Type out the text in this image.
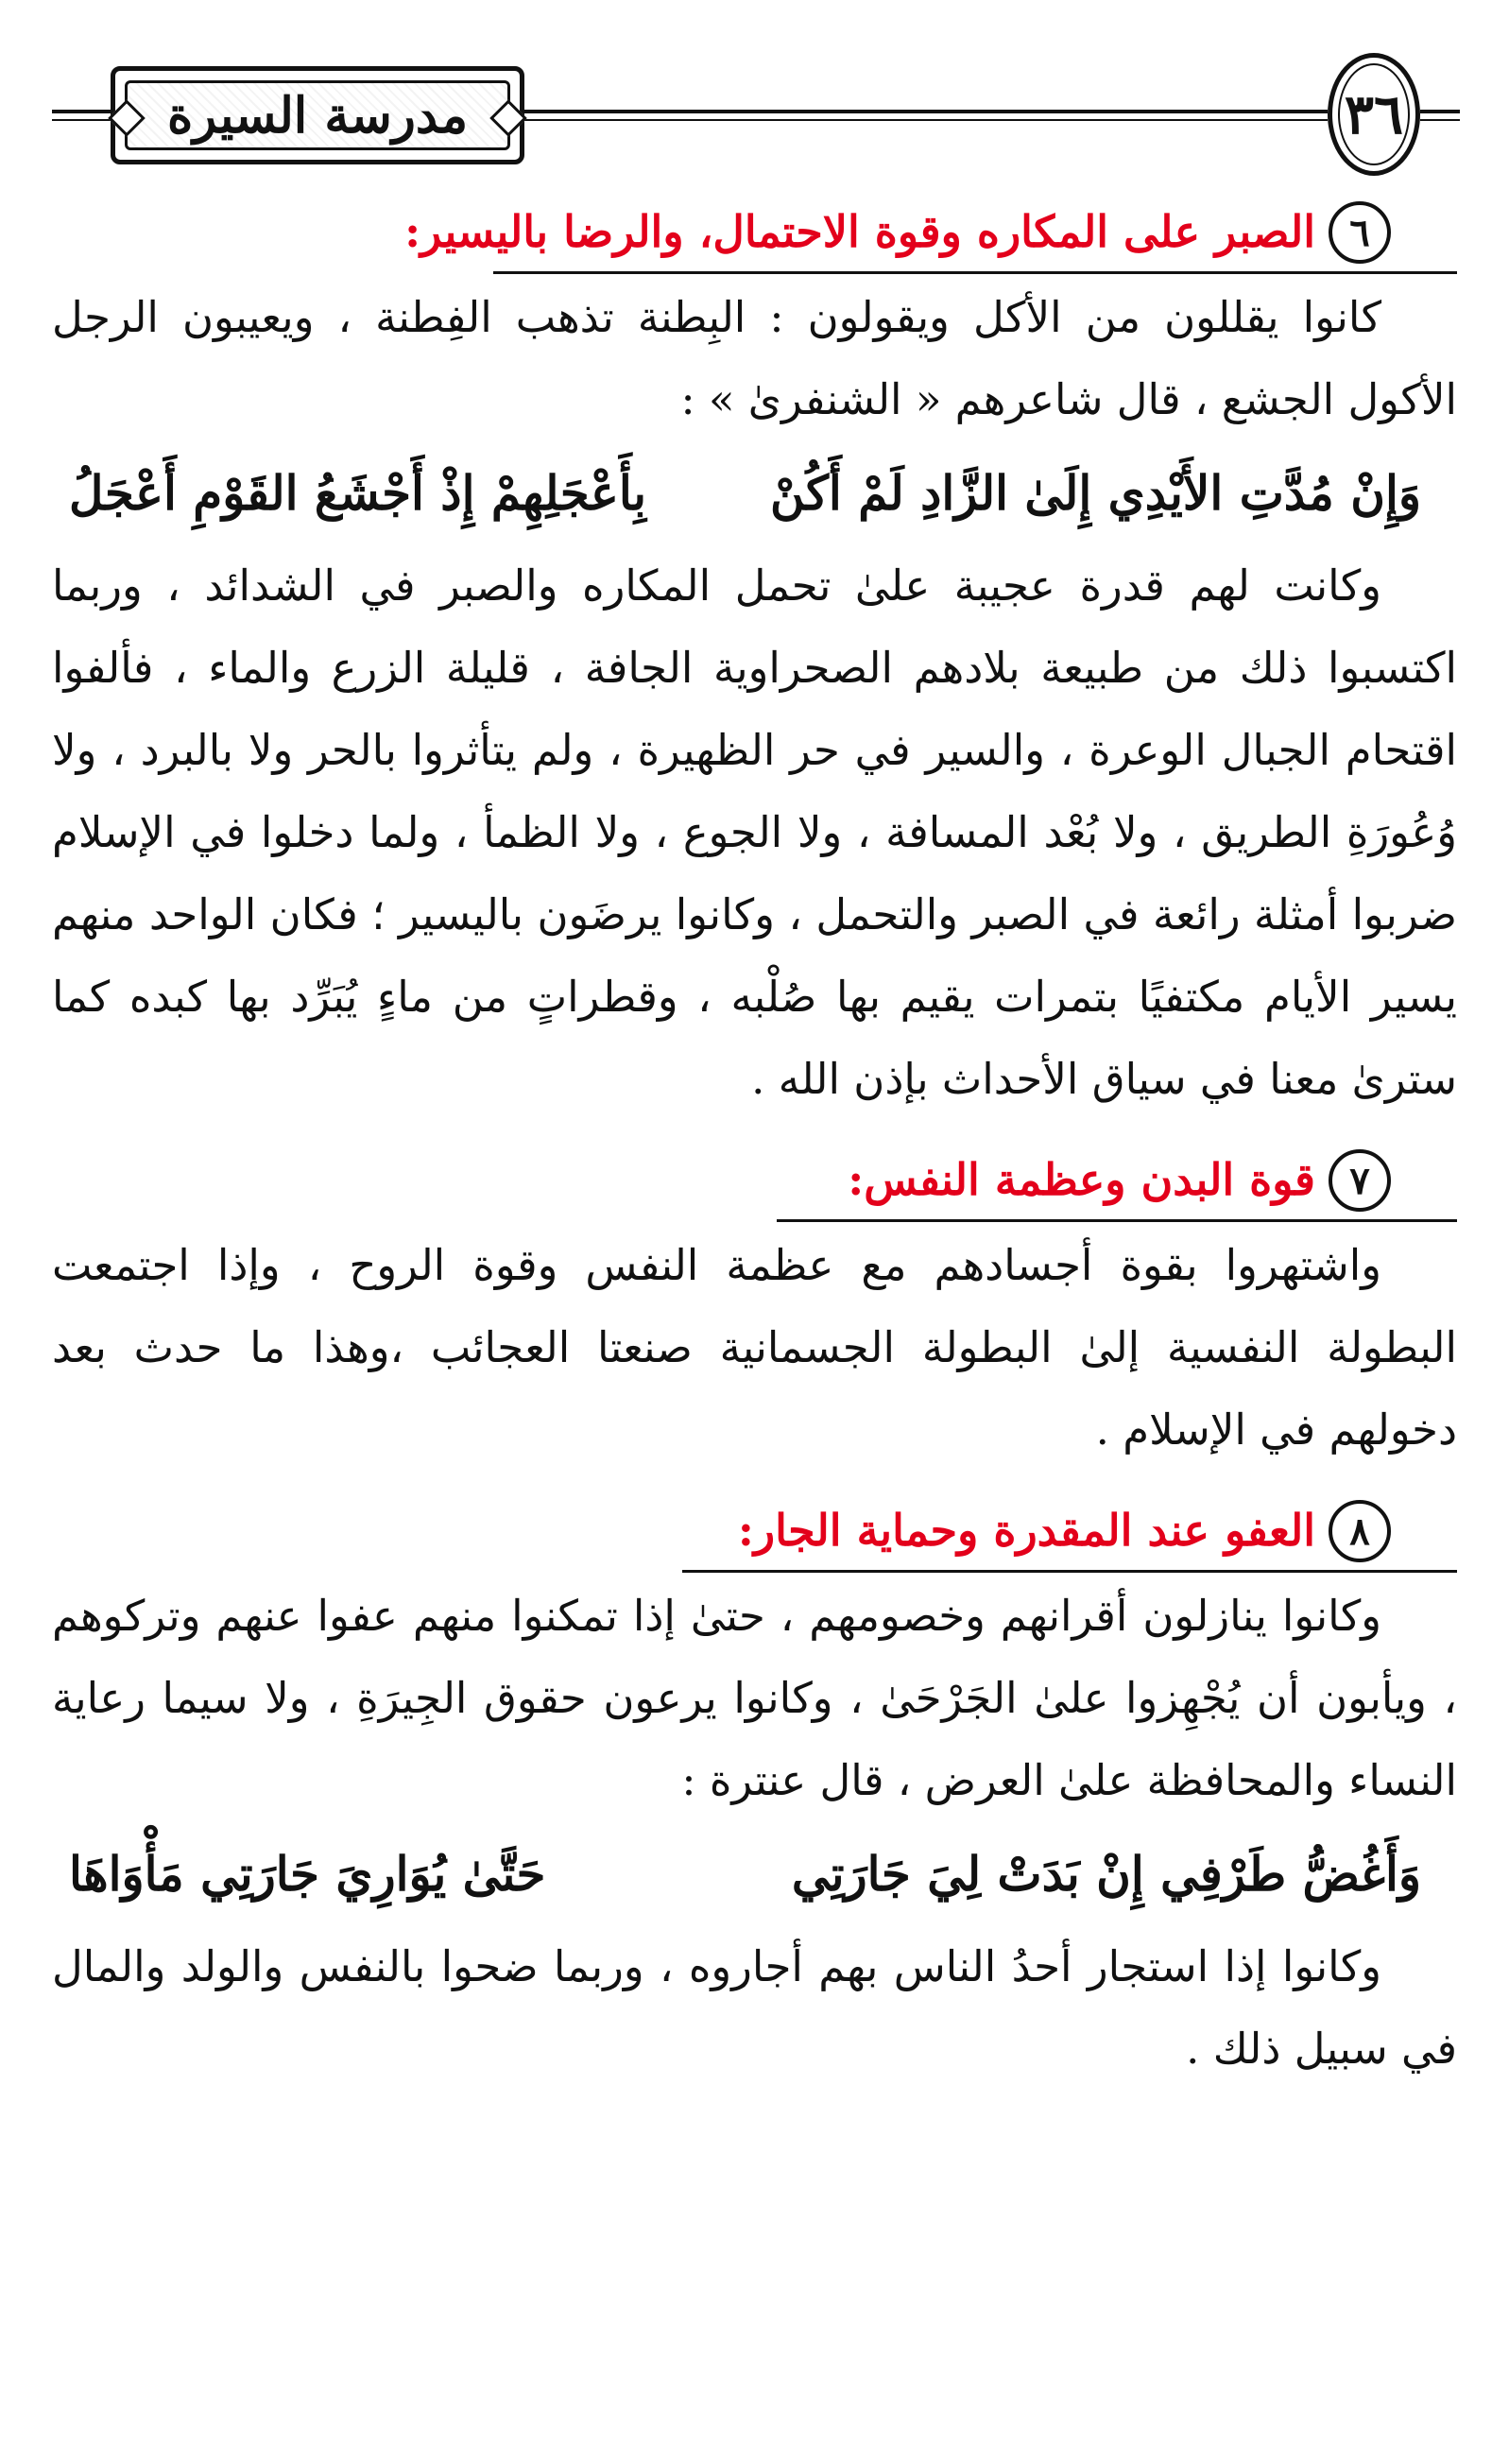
مدرسة السيرة	٣٦
٦
الصبر على المكاره وقوة الاحتمال، والرضا باليسير:

كانوا يقللون من الأكل ويقولون : البِطنة تذهب الفِطنة ، ويعيبون الرجل الأكول الجشع ، قال شاعرهم « الشنفرىٰ » :

وَإِنْ مُدَّتِ الأَيْدِي إِلَىٰ الزَّادِ لَمْ أَكُنْ
بِأَعْجَلِهِمْ إِذْ أَجْشَعُ القَوْمِ أَعْجَلُ

وكانت لهم قدرة عجيبة علىٰ تحمل المكاره والصبر في الشدائد ، وربما اكتسبوا ذلك من طبيعة بلادهم الصحراوية الجافة ، قليلة الزرع والماء ، فألفوا اقتحام الجبال الوعرة ، والسير في حر الظهيرة ، ولم يتأثروا بالحر ولا بالبرد ، ولا وُعُورَةِ الطريق ، ولا بُعْد المسافة ، ولا الجوع ، ولا الظمأ ، ولما دخلوا في الإسلام ضربوا أمثلة رائعة في الصبر والتحمل ، وكانوا يرضَون باليسير ؛ فكان الواحد منهم يسير الأيام مكتفيًا بتمرات يقيم بها صُلْبه ، وقطراتٍ من ماءٍ يُبَرِّد بها كبده كما سترىٰ معنا في سياق الأحداث بإذن الله .

٧
قوة البدن وعظمة النفس:

واشتهروا بقوة أجسادهم مع عظمة النفس وقوة الروح ، وإذا اجتمعت البطولة النفسية إلىٰ البطولة الجسمانية صنعتا العجائب ،وهذا ما حدث بعد دخولهم في الإسلام .

٨
العفو عند المقدرة وحماية الجار:

وكانوا ينازلون أقرانهم وخصومهم ، حتىٰ إذا تمكنوا منهم عفوا عنهم وتركوهم ، ويأبون أن يُجْهِزوا علىٰ الجَرْحَىٰ ، وكانوا يرعون حقوق الجِيرَةِ ، ولا سيما رعاية النساء والمحافظة علىٰ العرض ، قال عنترة :

وَأَغُضُّ طَرْفِي إِنْ بَدَتْ لِيَ جَارَتِي
حَتَّىٰ يُوَارِيَ جَارَتِي مَأْوَاهَا

وكانوا إذا استجار أحدُ الناس بهم أجاروه ، وربما ضحوا بالنفس والولد والمال في سبيل ذلك .
